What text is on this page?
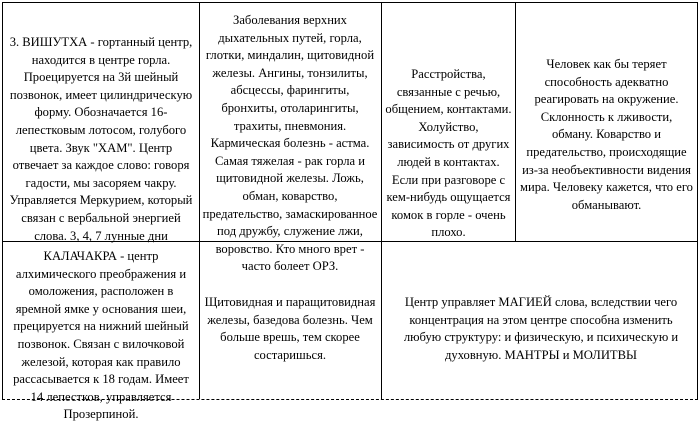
3. ВИШУТХА - гортанный центр, находится в центре горла. Проецируется на 3й шейный позвонок, имеет цилиндрическую форму. Обозначается 16-лепестковым лотосом, голубого цвета. Звук "ХАМ". Центр отвечает за каждое слово: говоря гадости, мы засоряем чакру. Управляется Меркурием, который связан с вербальной энергией слова. 3, 4, 7 лунные дни

Заболевания верхних дыхательных путей, горла, глотки, миндалин, щитовидной железы. Ангины, тонзилиты, абсцессы, фарингиты, бронхиты, отоларингиты, трахиты, пневмония. Кармическая болезнь - астма. Самая тяжелая - рак горла и щитовидной железы. Ложь, обман, коварство, предательство, замаскированное под дружбу, служение лжи, воровство. Кто много врет - часто болеет ОРЗ.

Расстройства, связанные с речью, общением, контактами. Холуйство, зависимость от других людей в контактах. Если при разговоре с кем-нибудь ощущается комок в горле - очень плохо.

Человек как бы теряет способность адекватно реагировать на окружение. Склонность к лживости, обману. Коварство и предательство, происходящие из-за необъективности видения мира. Человеку кажется, что его обманывают.

КАЛАЧАКРА - центр алхимического преображения и омоложения, расположен в яремной ямке у основания шеи, прецируется на нижний шейный позвонок. Связан с вилочковой железой, которая как правило рассасывается к 18 годам. Имеет 14 лепестков, управляется Прозерпиной.

Щитовидная и паращитовидная железы, базедова болезнь. Чем больше врешь, тем скорее состаришься.

Центр управляет МАГИЕЙ слова, вследствии чего концентрация на этом центре способна изменить любую структуру: и физическую, и психическую и духовную. МАНТРЫ и МОЛИТВЫ
